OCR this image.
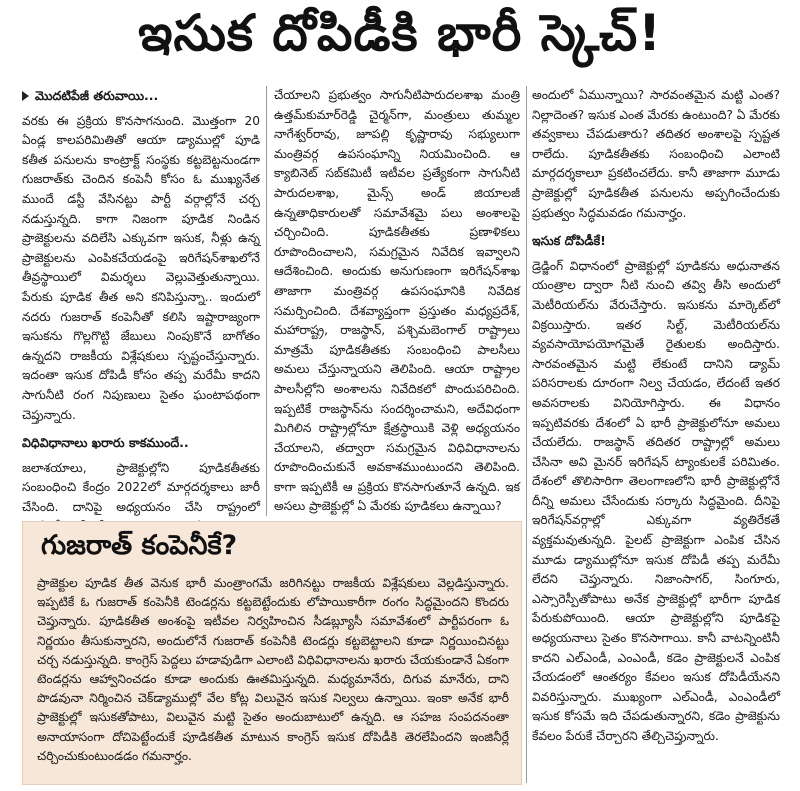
ఇసుక దోపిడీకి భారీ స్కెచ్‌!
మొదటిపేజీ తరువాయి...

వరకు ఈ ప్రక్రియ కొనసాగనుంది. మొత్తంగా 20 ఏండ్ల కాలపరిమితితో ఆయా డ్యాముల్లో పూడి కతీత పనులను కాంట్రాక్ట్ సంస్థకు కట్టబెట్టనుండగా గుజరాత్‌కు చెందిన కంపెనీ కోసం ఓ ముఖ్యనేత ముందే డస్టీ వేసినట్టు పార్టీ వర్గాల్లోనే చర్చ నడుస్తున్నది. కాగా నిజంగా పూడిక నిండిన ప్రాజెక్టులను వదిలేసి ఎక్కువగా ఇసుక, నీళ్లు ఉన్న ప్రాజెక్టులను ఎంపికచేయడంపై ఇరిగేషన్‌శాఖలోనే తీవ్రస్థాయిలో విమర్శలు వెల్లువెత్తుతున్నాయి. పేరుకు పూడిక తీత అని కనిపిస్తున్నా.. ఇందులో నదరు గుజరాత్ కంపెనీతో కలిసి ఇష్టారాజ్యంగా ఇసుకను గొల్లగొట్టి జేబులు నింపుకొనే బాగోతం ఉన్నదని రాజకీయ విశ్లేషకులు స్పష్టంచేస్తున్నారు. ఇదంతా ఇసుక దోపిడీ కోసం తప్ప మరేమీ కాదని సాగునీటి రంగ నిపుణులు సైతం ఘంటాపథంగా చెప్తున్నారు.

విధివిధానాలు ఖరారు కాకముందే..

జలాశయాలు, ప్రాజెక్టుల్లోని పూడికతీతకు సంబంధించి కేంద్రం 2022లో మార్గదర్శకాలు జారీ చేసింది. దానిపై అధ్యయనం చేసి రాష్ట్రంలో

చేయాలని ప్రభుత్వం సాగునీటిపారుదలశాఖ మంత్రి ఉత్తమ్‌కుమార్‌రెడ్డి చైర్మన్‌గా, మంత్రులు తుమ్మల నాగేశ్వర్‌రావు, జూపల్లి కృష్ణారావు సభ్యులుగా మంత్రివర్గ ఉపసంఘాన్ని నియమించింది. ఆ క్యాబినెట్ సబ్‌కమిటీ ఇటీవల ప్రత్యేకంగా సాగునీటి పారుదలశాఖ, మైన్స్ అండ్ జియాలజీ ఉన్నతాధికారులతో సమావేశమై పలు అంశాలపై చర్చించింది. పూడికతీతకు ప్రణాళికలు రూపొందించాలని, సమగ్రమైన నివేదిక ఇవ్వాలని ఆదేశించింది. అందుకు అనుగుణంగా ఇరిగేషన్‌శాఖ తాజాగా మంత్రివర్గ ఉపసంఘానికి నివేదిక సమర్పించింది. దేశవ్యాప్తంగా ప్రస్తుతం మధ్యప్రదేశ్, మహారాష్ట్ర, రాజస్థాన్, పశ్చిమబెంగాల్ రాష్ట్రాలు మాత్రమే పూడికతీతకు సంబంధించి పాలసీలు అమలు చేస్తున్నాయని తెలిపింది. ఆయా రాష్ట్రాల పాలసీల్లోని అంశాలను నివేదికలో పొందుపరిచింది. ఇప్పటికే రాజస్థాన్‌ను సందర్శించామని, అదేవిధంగా మిగిలిన రాష్ట్రాల్లోనూ క్షేత్రస్థాయికి వెళ్లి అధ్యయనం చేయాలని, తద్వారా సమగ్రమైన విధివిధానాలను రూపొందించుకునే అవకాశముంటుందని తెలిపింది. కాగా ఇప్పటికీ ఆ ప్రక్రియ కొనసాగుతూనే ఉన్నది. ఇక అసలు ప్రాజెక్టుల్లో ఏ మేరకు పూడికలు ఉన్నాయి?

అందులో ఏమున్నాయి? సారవంతమైన మట్టి ఎంత? నిల్లాదెంత? ఇసుక ఎంత మేరకు ఉంటుంది? ఏ మేరకు తవ్వకాలు చేపడుతారు? తదితర అంశాలపై స్పష్టత రాలేదు. పూడికతీతకు సంబంధించి ఎలాంటి మార్గదర్శకాలూ ప్రకటించలేదు. కానీ తాజాగా మూడు ప్రాజెక్టుల్లో పూడికతీత పనులను అప్పగించేందుకు ప్రభుత్వం సిద్ధమవడం గమనార్హం.

ఇసుక దోపిడీకే!

డ్రెడ్జింగ్ విధానంలో ప్రాజెక్టుల్లో పూడికను అధునాతన యంత్రాల ద్వారా నీటి నుంచి తవ్వి తీసి అందులో మెటీరియల్‌ను వేరుచేస్తారు. ఇసుకను మార్కెట్‌లో విక్రయిస్తారు. ఇతర సిల్ట్, మెటీరియల్‌ను వ్యవసాయోపయోగమైతే రైతులకు అందిస్తారు. సారవంతమైన మట్టి లేకుంటే దానిని డ్యామ్ పరిసరాలకు దూరంగా నిల్వ చేయడం, లేదంటే ఇతర అవసరాలకు వినియోగిస్తారు. ఈ విధానం ఇప్పటివరకు దేశంలో ఏ భారీ ప్రాజెక్టులోనూ అమలు చేయలేదు. రాజస్థాన్ తదితర రాష్ట్రాల్లో అమలు చేసినా అవి మైనర్ ఇరిగేషన్ ట్యాంకులకే పరిమితం. దేశంలో తొలిసారిగా తెలంగాణలోని భారీ ప్రాజెక్టుల్లోనే దీన్ని అమలు చేసేందుకు సర్కారు సిద్ధమైంది. దీనిపై ఇరిగేషన్‌వర్గాల్లో ఎక్కువగా వ్యతిరేకతే వ్యక్తమవుతున్నది. పైలట్ ప్రాజెక్టుగా ఎంపిక చేసిన మూడు డ్యాముల్లోనూ ఇసుక దోపిడీ తప్ప మరేమీ లేదని చెప్తున్నారు. నిజాంసాగర్, సింగూరు, ఎస్సారెస్పీతోపాటు అనేక ప్రాజెక్టుల్లో భారీగా పూడిక పేరుకుపోయింది. ఆయా ప్రాజెక్టుల్లోని పూడికపై అధ్యయనాలు సైతం కొనసాగాయి. కానీ వాటన్నింటినీ కాదని ఎల్‌ఎండీ, ఎంఎండీ, కడెం ప్రాజెక్టులనే ఎంపిక చేయడంలో ఆంతర్యం కేవలం ఇసుక దోపిడీయేనని వివరిస్తున్నారు. ముఖ్యంగా ఎల్‌ఎండీ, ఎంఎండీలో ఇసుక కోసమే ఇది చేపడుతున్నారని, కడెం ప్రాజెక్టును కేవలం పేరుకే చేర్చారని తేల్చిచెప్తున్నారు.

గుజరాత్ కంపెనీకే?
ప్రాజెక్టుల పూడిక తీత వెనుక భారీ మంత్రాంగమే జరిగినట్టు రాజకీయ విశ్లేషకులు వెల్లడిస్తున్నారు. ఇప్పటికే ఓ గుజరాత్ కంపెనీకి టెండర్లను కట్టబెట్టేందుకు లోపాయికారీగా రంగం సిద్ధమైందని కొందరు చెప్తున్నారు. పూడికతీత అంశంపై ఇటీవల నిర్వహించిన సీడబ్ల్యూసీ సమావేశంలో పార్టీపరంగా ఓ నిర్ణయం తీసుకున్నారని, అందులోనే గుజరాత్ కంపెనీకి టెండర్లు కట్టబెట్టాలని కూడా నిర్ణయించినట్టు చర్చ నడుస్తున్నది. కాంగ్రెస్ పెద్దలు హడావుడిగా ఎలాంటి విధివిధానాలను ఖరారు చేయకుండానే ఏకంగా టెండర్లను ఆహ్వానించడం కూడా అందుకు ఊతమిస్తున్నది. మధ్యమానేరు, దిగువ మానేరు, దాని పొడవునా నిర్మించిన చెక్‌డ్యాముల్లో వేల కోట్ల విలువైన ఇసుక నిల్వలు ఉన్నాయి. ఇంకా అనేక భారీ ప్రాజెక్టుల్లో ఇసుకతోపాటు, విలువైన మట్టి సైతం అందుబాటులో ఉన్నది. ఆ సహజ సంపదనంతా అనాయాసంగా దోచిపెట్టేందుకే పూడికతీత మాటున కాంగ్రెస్ ఇసుక దోపిడీకి తెరలేపిందని ఇంజినీర్లే చర్చించుకుంటుండడం గమనార్హం.
